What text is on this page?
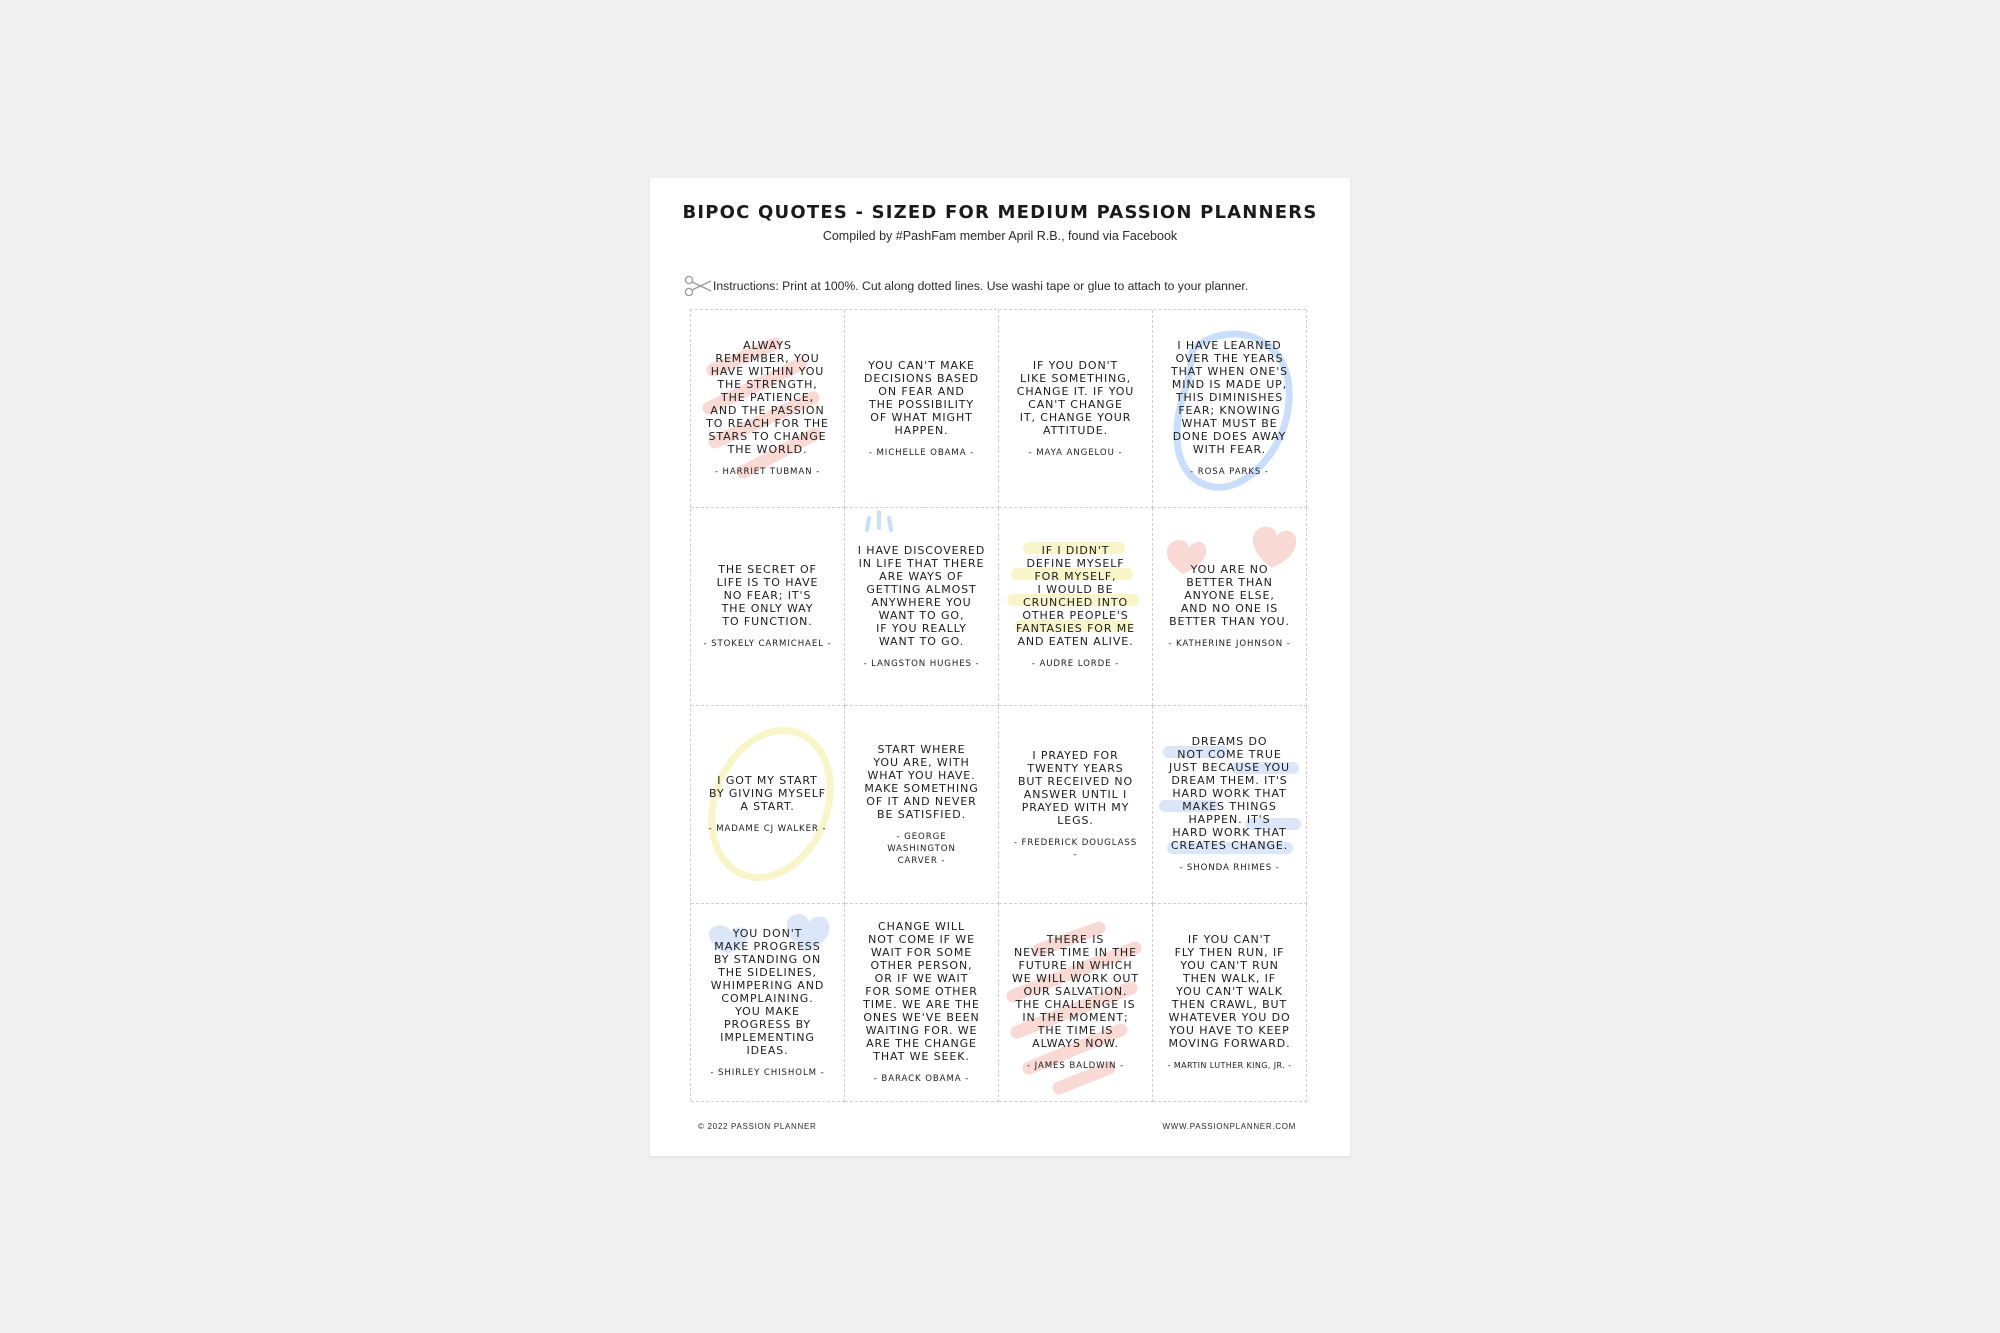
BIPOC QUOTES - SIZED FOR MEDIUM PASSION PLANNERS
Compiled by #PashFam member April R.B., found via Facebook
Instructions: Print at 100%. Cut along dotted lines. Use washi tape or glue to attach to your planner.
ALWAYS
REMEMBER, YOU
HAVE WITHIN YOU
THE STRENGTH,
THE PATIENCE,
AND THE PASSION
TO REACH FOR THE
STARS TO CHANGE
THE WORLD.
- HARRIET TUBMAN -
YOU CAN'T MAKE
DECISIONS BASED
ON FEAR AND
THE POSSIBILITY
OF WHAT MIGHT
HAPPEN.
- MICHELLE OBAMA -
IF YOU DON'T
LIKE SOMETHING,
CHANGE IT. IF YOU
CAN'T CHANGE
IT, CHANGE YOUR
ATTITUDE.
- MAYA ANGELOU -
I HAVE LEARNED
OVER THE YEARS
THAT WHEN ONE'S
MIND IS MADE UP,
THIS DIMINISHES
FEAR; KNOWING
WHAT MUST BE
DONE DOES AWAY
WITH FEAR.
- ROSA PARKS -
THE SECRET OF
LIFE IS TO HAVE
NO FEAR; IT'S
THE ONLY WAY
TO FUNCTION.
- STOKELY CARMICHAEL -
I HAVE DISCOVERED
IN LIFE THAT THERE
ARE WAYS OF
GETTING ALMOST
ANYWHERE YOU
WANT TO GO,
IF YOU REALLY
WANT TO GO.
- LANGSTON HUGHES -
IF I DIDN'T
DEFINE MYSELF
FOR MYSELF,
I WOULD BE
CRUNCHED INTO
OTHER PEOPLE'S
FANTASIES FOR ME
AND EATEN ALIVE.
- AUDRE LORDE -
YOU ARE NO
BETTER THAN
ANYONE ELSE,
AND NO ONE IS
BETTER THAN YOU.
- KATHERINE JOHNSON -
I GOT MY START
BY GIVING MYSELF
A START.
- MADAME CJ WALKER -
START WHERE
YOU ARE, WITH
WHAT YOU HAVE.
MAKE SOMETHING
OF IT AND NEVER
BE SATISFIED.
- GEORGE
WASHINGTON
CARVER -
I PRAYED FOR
TWENTY YEARS
BUT RECEIVED NO
ANSWER UNTIL I
PRAYED WITH MY
LEGS.
- FREDERICK DOUGLASS -
DREAMS DO
NOT COME TRUE
JUST BECAUSE YOU
DREAM THEM. IT'S
HARD WORK THAT
MAKES THINGS
HAPPEN. IT'S
HARD WORK THAT
CREATES CHANGE.
- SHONDA RHIMES -
YOU DON'T
MAKE PROGRESS
BY STANDING ON
THE SIDELINES,
WHIMPERING AND
COMPLAINING.
YOU MAKE
PROGRESS BY
IMPLEMENTING
IDEAS.
- SHIRLEY CHISHOLM -
CHANGE WILL
NOT COME IF WE
WAIT FOR SOME
OTHER PERSON,
OR IF WE WAIT
FOR SOME OTHER
TIME. WE ARE THE
ONES WE'VE BEEN
WAITING FOR. WE
ARE THE CHANGE
THAT WE SEEK.
- BARACK OBAMA -
THERE IS
NEVER TIME IN THE
FUTURE IN WHICH
WE WILL WORK OUT
OUR SALVATION.
THE CHALLENGE IS
IN THE MOMENT;
THE TIME IS
ALWAYS NOW.
- JAMES BALDWIN -
IF YOU CAN'T
FLY THEN RUN, IF
YOU CAN'T RUN
THEN WALK, IF
YOU CAN'T WALK
THEN CRAWL, BUT
WHATEVER YOU DO
YOU HAVE TO KEEP
MOVING FORWARD.
- MARTIN LUTHER KING, JR. -
© 2022 PASSION PLANNER	WWW.PASSIONPLANNER.COM
